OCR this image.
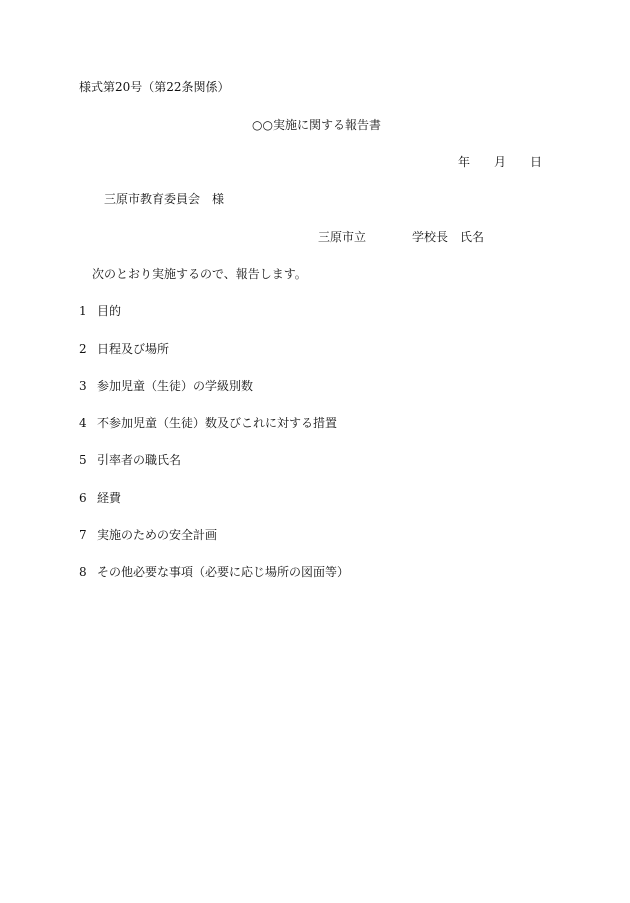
様式第20号（第22条関係）
○○実施に関する報告書
年 月 日
三原市教育委員会　様
三原市立	学校長　氏名
次のとおり実施するので、報告します。
1 目的
2 日程及び場所
3 参加児童（生徒）の学級別数
4 不参加児童（生徒）数及びこれに対する措置
5 引率者の職氏名
6 経費
7 実施のための安全計画
8 その他必要な事項（必要に応じ場所の図面等）
